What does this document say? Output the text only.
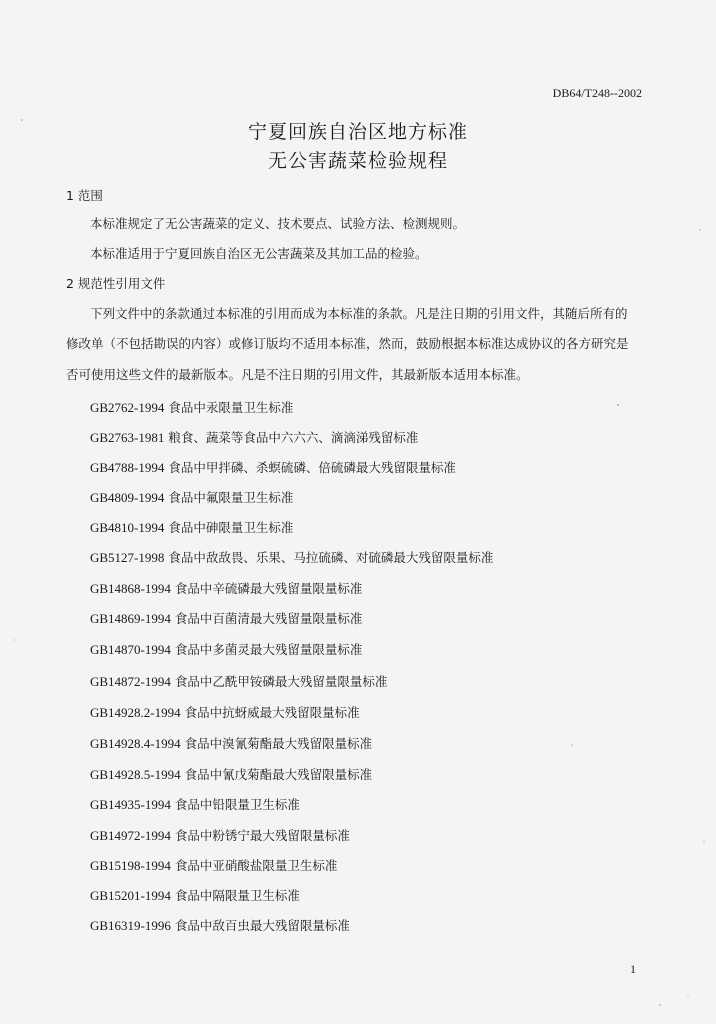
DB64/T248--2002
宁夏回族自治区地方标准
无公害蔬菜检验规程
1 范围
本标准规定了无公害蔬菜的定义、技术要点、试验方法、检测规则。
本标准适用于宁夏回族自治区无公害蔬菜及其加工品的检验。
2 规范性引用文件
下列文件中的条款通过本标准的引用而成为本标准的条款。凡是注日期的引用文件，其随后所有的
修改单（不包括勘误的内容）或修订版均不适用本标准，然而，鼓励根据本标准达成协议的各方研究是
否可使用这些文件的最新版本。凡是不注日期的引用文件，其最新版本适用本标准。
GB2762-1994 食品中汞限量卫生标准
GB2763-1981 粮食、蔬菜等食品中六六六、滴滴涕残留标准
GB4788-1994 食品中甲拌磷、杀螟硫磷、倍硫磷最大残留限量标准
GB4809-1994 食品中氟限量卫生标准
GB4810-1994 食品中砷限量卫生标准
GB5127-1998 食品中敌敌畏、乐果、马拉硫磷、对硫磷最大残留限量标准
GB14868-1994 食品中辛硫磷最大残留量限量标准
GB14869-1994 食品中百菌清最大残留量限量标准
GB14870-1994 食品中多菌灵最大残留量限量标准
GB14872-1994 食品中乙酰甲铵磷最大残留量限量标准
GB14928.2-1994 食品中抗蚜威最大残留限量标准
GB14928.4-1994 食品中溴氰菊酯最大残留限量标准
GB14928.5-1994 食品中氰戊菊酯最大残留限量标准
GB14935-1994 食品中铅限量卫生标准
GB14972-1994 食品中粉锈宁最大残留限量标准
GB15198-1994 食品中亚硝酸盐限量卫生标准
GB15201-1994 食品中隔限量卫生标准
GB16319-1996 食品中敌百虫最大残留限量标准
1
